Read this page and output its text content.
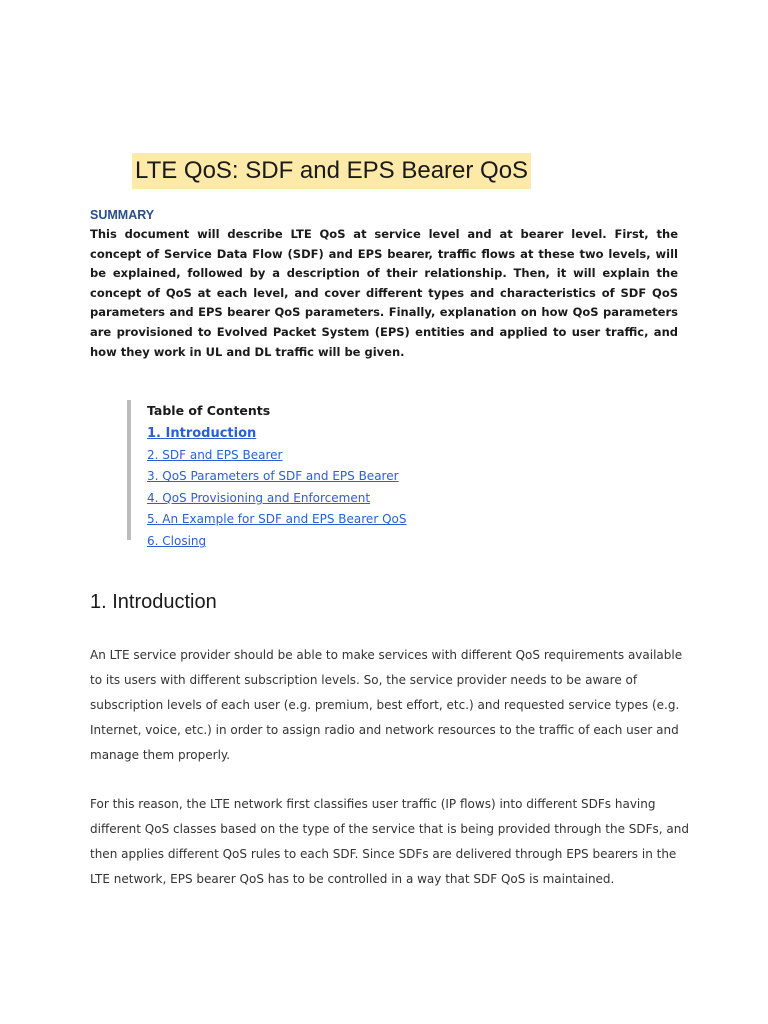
LTE QoS: SDF and EPS Bearer QoS
SUMMARY

This document will describe LTE QoS at service level and at bearer level. First, the concept of Service Data Flow (SDF) and EPS bearer, traffic flows at these two levels, will be explained, followed by a description of their relationship. Then, it will explain the concept of QoS at each level, and cover different types and characteristics of SDF QoS parameters and EPS bearer QoS parameters. Finally, explanation on how QoS parameters are provisioned to Evolved Packet System (EPS) entities and applied to user traffic, and how they work in UL and DL traffic will be given.

Table of Contents
1. Introduction
2. SDF and EPS Bearer
3. QoS Parameters of SDF and EPS Bearer
4. QoS Provisioning and Enforcement
5. An Example for SDF and EPS Bearer QoS
6. Closing
1. Introduction

An LTE service provider should be able to make services with different QoS requirements available to its users with different subscription levels. So, the service provider needs to be aware of subscription levels of each user (e.g. premium, best effort, etc.) and requested service types (e.g. Internet, voice, etc.) in order to assign radio and network resources to the traffic of each user and manage them properly.

For this reason, the LTE network first classifies user traffic (IP flows) into different SDFs having different QoS classes based on the type of the service that is being provided through the SDFs, and then applies different QoS rules to each SDF. Since SDFs are delivered through EPS bearers in the LTE network, EPS bearer QoS has to be controlled in a way that SDF QoS is maintained.
